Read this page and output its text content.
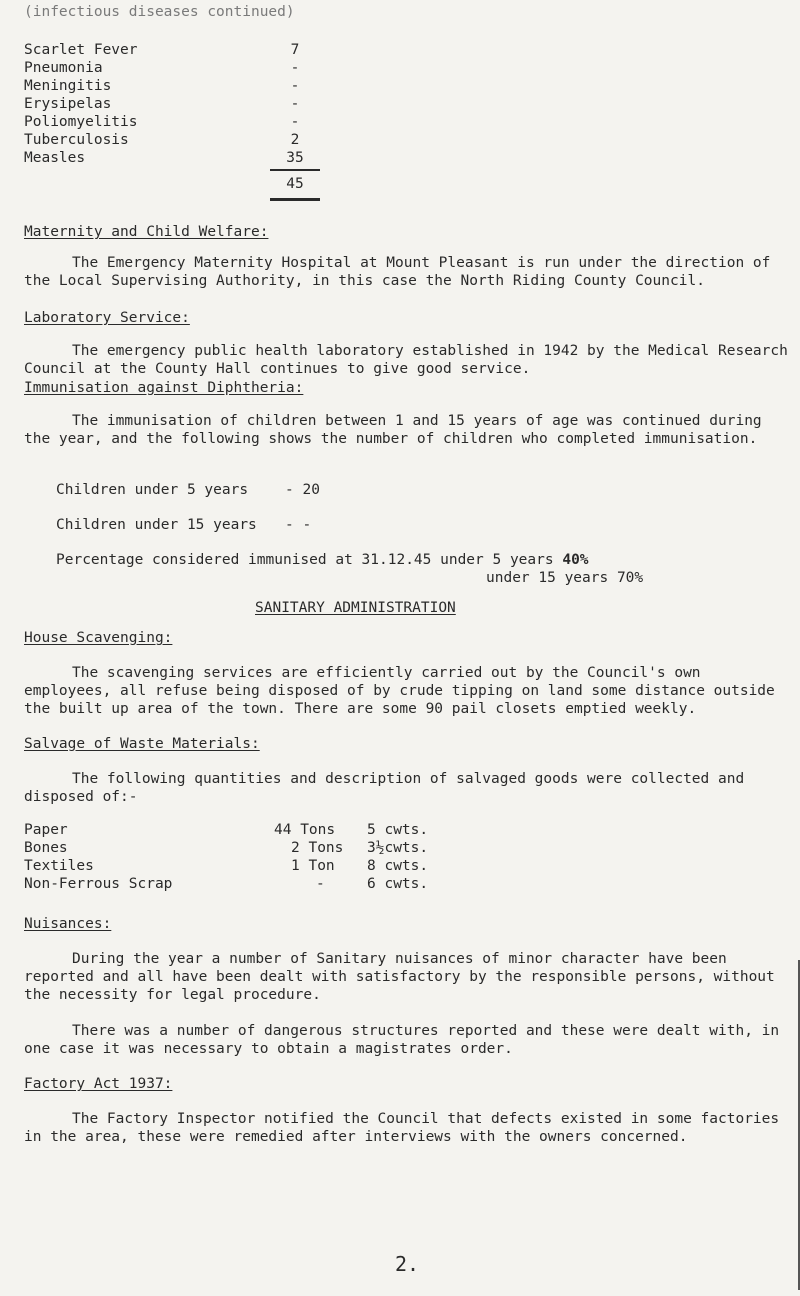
(infectious diseases continued)
Scarlet Fever	7
Pneumonia	-
Meningitis	-
Erysipelas	-
Poliomyelitis	-
Tuberculosis	2
Measles	35
45
Maternity and Child Welfare:
The Emergency Maternity Hospital at Mount Pleasant is run under the direction of the Local Supervising Authority, in this case the North Riding County Council.
Laboratory Service:
The emergency public health laboratory established in 1942 by the Medical Research Council at the County Hall continues to give good service.
Immunisation against Diphtheria:
The immunisation of children between 1 and 15 years of age was continued during the year, and the following shows the number of children who completed immunisation.
Children under 5 years	- 20
Children under 15 years - -
Percentage considered immunised at 31.12.45 under 5 years 40%
under 15 years 70%
SANITARY ADMINISTRATION
House Scavenging:
The scavenging services are efficiently carried out by the Council's own employees, all refuse being disposed of by crude tipping on land some distance outside the built up area of the town. There are some 90 pail closets emptied weekly.
Salvage of Waste Materials:
The following quantities and description of salvaged goods were collected and disposed of:-
Paper	44 Tons 5 cwts.
Bones	2 Tons 3½cwts.
Textiles	1 Ton 8 cwts.
Non-Ferrous Scrap	-	6 cwts.
Nuisances:
During the year a number of Sanitary nuisances of minor character have been reported and all have been dealt with satisfactory by the responsible persons, without the necessity for legal procedure.
There was a number of dangerous structures reported and these were dealt with, in one case it was necessary to obtain a magistrates order.
Factory Act 1937:
The Factory Inspector notified the Council that defects existed in some factories in the area, these were remedied after interviews with the owners concerned.
2.
